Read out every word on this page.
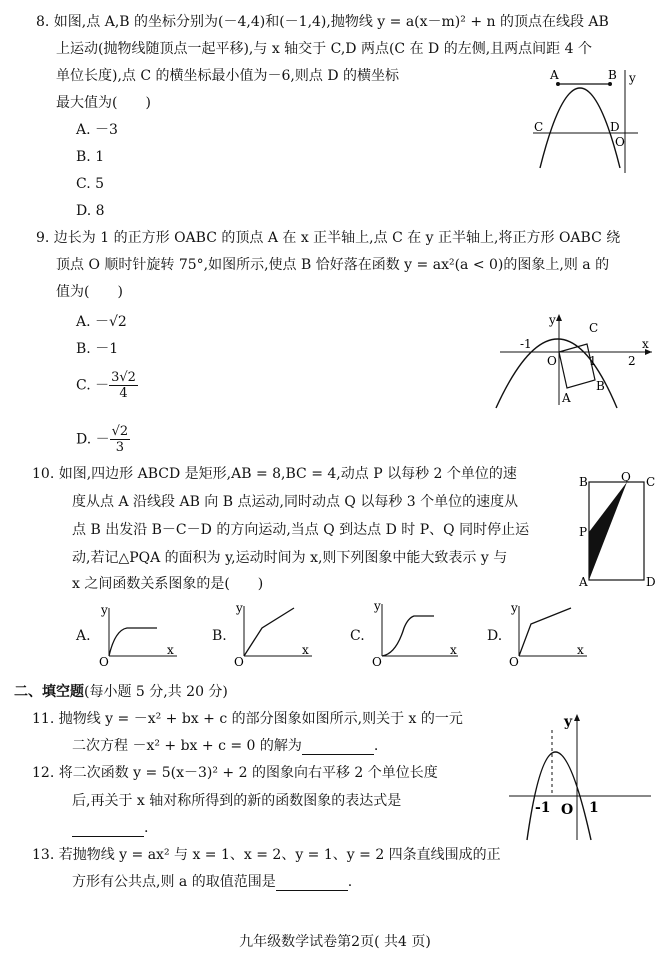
8. 如图,点 A,B 的坐标分别为(－4,4)和(－1,4),抛物线 y = a(x－m)² + n 的顶点在线段 AB
上运动(抛物线随顶点一起平移),与 x 轴交于 C,D 两点(C 在 D 的左侧,且两点间距 4 个
单位长度),点 C 的横坐标最小值为－6,则点 D 的横坐标
最大值为(　　)
A. －3
B. 1
C. 5
D. 8
A	B y
C	D
O
9. 边长为 1 的正方形 OABC 的顶点 A 在 x 正半轴上,点 C 在 y 正半轴上,将正方形 OABC 绕
顶点 O 顺时针旋转 75°,如图所示,使点 B 恰好落在函数 y = ax²(a < 0)的图象上,则 a 的
值为(　　)
A. －√2
B. －1
C. － $\frac{3√2}{4}$
D. － $\frac{√2}{3}$
y
C
-1
O	1	2
x
B
A
10. 如图,四边形 ABCD 是矩形,AB = 8,BC = 4,动点 P 以每秒 2 个单位的速
度从点 A 沿线段 AB 向 B 点运动,同时动点 Q 以每秒 3 个单位的速度从
点 B 出发沿 B－C－D 的方向运动,当点 Q 到达点 D 时 P、Q 同时停止运
动,若记△PQA 的面积为 y,运动时间为 x,则下列图象中能大致表示 y 与
x 之间函数关系图象的是(　　)
B	Q C
P
A	D
A.
y
x
O
B.
y
x
O
C.
y
x
O
D.
y
x
O
二、填空题(每小题 5 分,共 20 分)
11. 抛物线 y = －x² + bx + c 的部分图象如图所示,则关于 x 的一元
二次方程 －x² + bx + c = 0 的解为	.
y
-1 O 1
12. 将二次函数 y = 5(x－3)² + 2 的图象向右平移 2 个单位长度
后,再关于 x 轴对称所得到的新的函数图象的表达式是
.
13. 若抛物线 y = ax² 与 x = 1、x = 2、y = 1、y = 2 四条直线围成的正
方形有公共点,则 a 的取值范围是	.
九年级数学试卷第2页( 共4 页)
